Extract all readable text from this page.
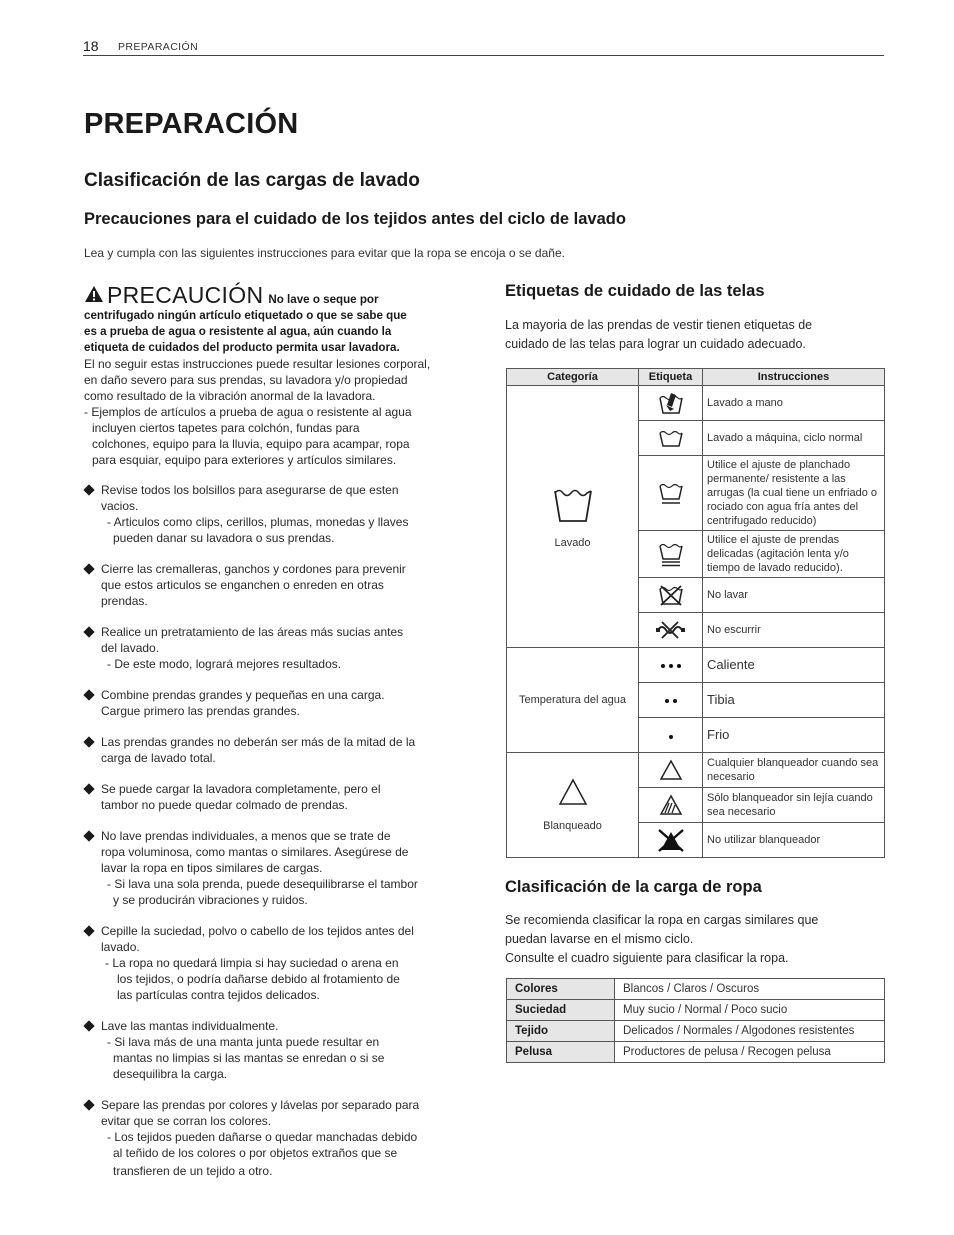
18 PREPARACIÓN
PREPARACIÓN
Clasificación de las cargas de lavado
Precauciones para el cuidado de los tejidos antes del ciclo de lavado
Lea y cumpla con las siguientes instrucciones para evitar que la ropa se encoja o se dañe.
PRECAUCIÓN No lave o seque por
centrifugado ningún artículo etiquetado o que se sabe que
es a prueba de agua o resistente al agua, aún cuando la
etiqueta de cuidados del producto permita usar lavadora.
El no seguir estas instrucciones puede resultar lesiones corporal,
en daño severo para sus prendas, su lavadora y/o propiedad
como resultado de la vibración anormal de la lavadora.
- Ejemplos de artículos a prueba de agua o resistente al agua
incluyen ciertos tapetes para colchón, fundas para
colchones, equipo para la lluvia, equipo para acampar, ropa
para esquiar, equipo para exteriores y artículos similares.
Revise todos los bolsillos para asegurarse de que esten
vacios.
- Articulos como clips, cerillos, plumas, monedas y llaves
pueden danar su lavadora o sus prendas.
Cierre las cremalleras, ganchos y cordones para prevenir
que estos articulos se enganchen o enreden en otras
prendas.
Realice un pretratamiento de las áreas más sucias antes
del lavado.
- De este modo, logrará mejores resultados.
Combine prendas grandes y pequeñas en una carga.
Cargue primero las prendas grandes.
Las prendas grandes no deberán ser más de la mitad de la
carga de lavado total.
Se puede cargar la lavadora completamente, pero el
tambor no puede quedar colmado de prendas.
No lave prendas individuales, a menos que se trate de
ropa voluminosa, como mantas o similares. Asegúrese de
lavar la ropa en tipos similares de cargas.
- Si lava una sola prenda, puede desequilibrarse el tambor
y se producirán vibraciones y ruidos.
Cepille la suciedad, polvo o cabello de los tejidos antes del
lavado.
- La ropa no quedará limpia si hay suciedad o arena en
los tejidos, o podría dañarse debido al frotamiento de
las partículas contra tejidos delicados.
Lave las mantas individualmente.
- Si lava más de una manta junta puede resultar en
mantas no limpias si las mantas se enredan o si se
desequilibra la carga.
Separe las prendas por colores y lávelas por separado para
evitar que se corran los colores.
- Los tejidos pueden dañarse o quedar manchadas debido
al teñido de los colores o por objetos extraños que se
transfieren de un tejido a otro.
Etiquetas de cuidado de las telas
La mayoria de las prendas de vestir tienen etiquetas de
cuidado de las telas para lograr un cuidado adecuado.
Categoría	Etiqueta	Instrucciones

Lavado		Lavado a mano

	Lavado a máquina, ciclo normal

	Utilice el ajuste de planchado permanente/ resistente a las arrugas (la cual tiene un enfriado o rociado con agua fría antes del centrifugado reducido)

	Utilice el ajuste de prendas delicadas (agitación lenta y/o tiempo de lavado reducido).

	No lavar

	No escurrir
Temperatura del agua		Caliente

	Tibia

	Frio

Blanqueado		Cualquier blanqueador cuando sea necesario

	Sólo blanqueador sin lejía cuando sea necesario

	No utilizar blanqueador
Clasificación de la carga de ropa
Se recomienda clasificar la ropa en cargas similares que
puedan lavarse en el mismo ciclo.
Consulte el cuadro siguiente para clasificar la ropa.
Colores	Blancos / Claros / Oscuros
Suciedad	Muy sucio / Normal / Poco sucio
Tejido	Delicados / Normales / Algodones resistentes
Pelusa	Productores de pelusa / Recogen pelusa
